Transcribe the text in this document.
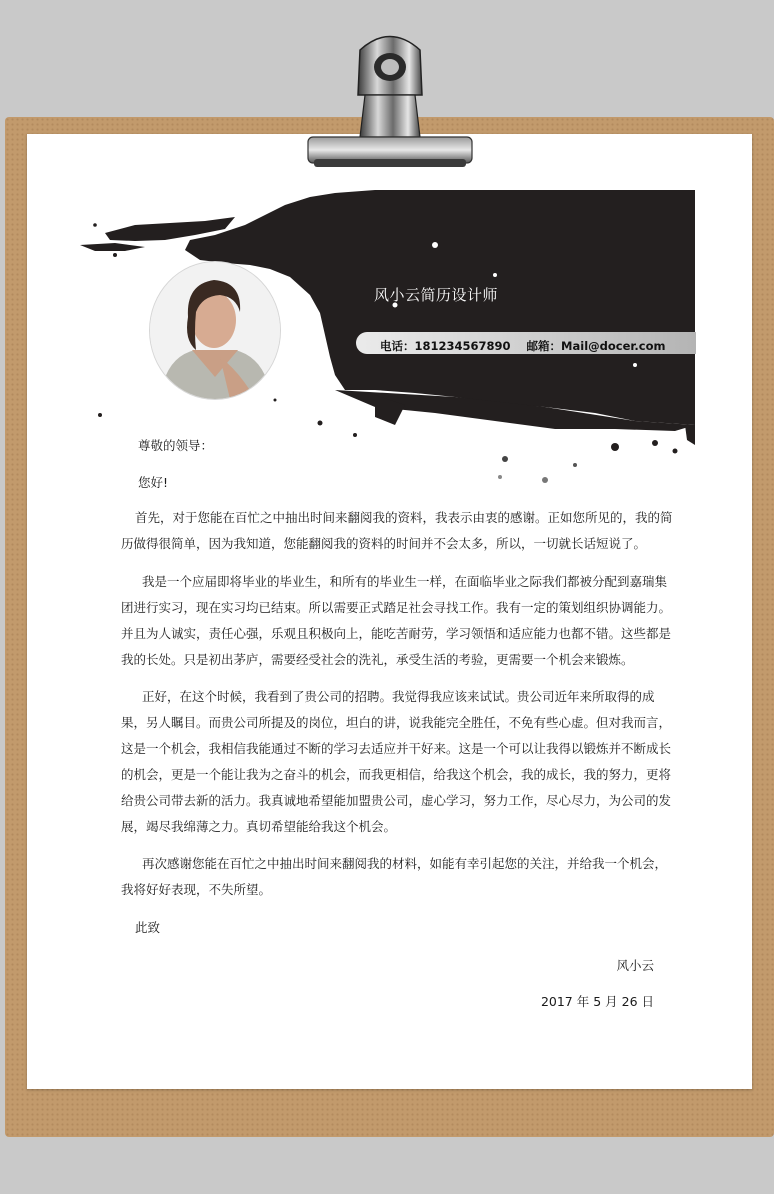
风小云简历设计师
电话：181234567890 邮箱：Mail@docer.com
尊敬的领导：
您好!
首先，对于您能在百忙之中抽出时间来翻阅我的资料，我表示由衷的感谢。正如您所见的，我的简
历做得很简单，因为我知道，您能翻阅我的资料的时间并不会太多，所以，一切就长话短说了。
我是一个应届即将毕业的毕业生，和所有的毕业生一样，在面临毕业之际我们都被分配到嘉瑞集
团进行实习，现在实习均已结束。所以需要正式踏足社会寻找工作。我有一定的策划组织协调能力。
并且为人诚实，责任心强，乐观且积极向上，能吃苦耐劳，学习领悟和适应能力也都不错。这些都是
我的长处。只是初出茅庐，需要经受社会的洗礼，承受生活的考验，更需要一个机会来锻炼。
正好，在这个时候，我看到了贵公司的招聘。我觉得我应该来试试。贵公司近年来所取得的成
果，另人瞩目。而贵公司所提及的岗位，坦白的讲，说我能完全胜任，不免有些心虚。但对我而言，
这是一个机会，我相信我能通过不断的学习去适应并干好来。这是一个可以让我得以锻炼并不断成长
的机会，更是一个能让我为之奋斗的机会，而我更相信，给我这个机会，我的成长，我的努力，更将
给贵公司带去新的活力。我真诚地希望能加盟贵公司，虚心学习，努力工作，尽心尽力，为公司的发
展，竭尽我绵薄之力。真切希望能给我这个机会。
再次感谢您能在百忙之中抽出时间来翻阅我的材料，如能有幸引起您的关注，并给我一个机会，
我将好好表现，不失所望。
此致
风小云
2017 年 5 月 26 日
